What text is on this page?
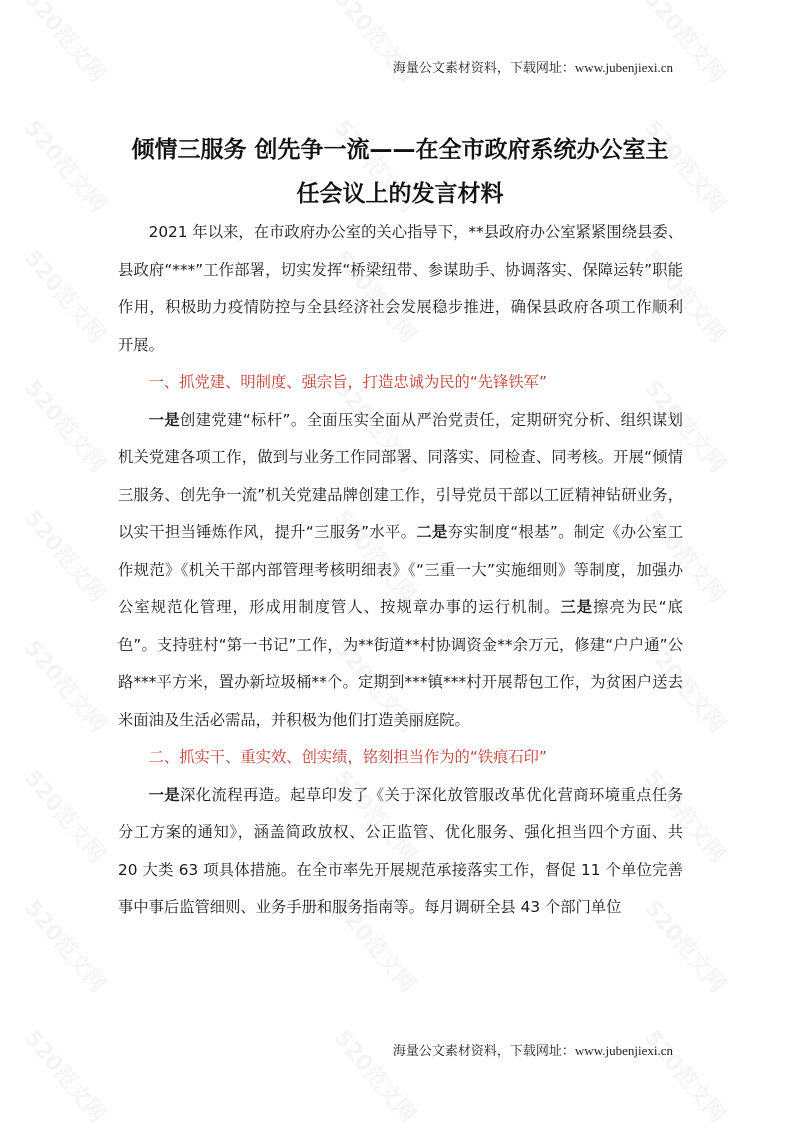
海量公文素材资料，下载网址：www.jubenjiexi.cn
倾情三服务 创先争一流——在全市政府系统办公室主
任会议上的发言材料

2021 年以来，在市政府办公室的关心指导下，**县政府办公室紧紧围绕县委、县政府“***”工作部署，切实发挥“桥梁纽带、参谋助手、协调落实、保障运转”职能作用，积极助力疫情防控与全县经济社会发展稳步推进，确保县政府各项工作顺利开展。

一、抓党建、明制度、强宗旨，打造忠诚为民的“先锋铁军”

一是创建党建“标杆”。全面压实全面从严治党责任，定期研究分析、组织谋划机关党建各项工作，做到与业务工作同部署、同落实、同检查、同考核。开展“倾情三服务、创先争一流”机关党建品牌创建工作，引导党员干部以工匠精神钻研业务，以实干担当锤炼作风，提升“三服务”水平。二是夯实制度“根基”。制定《办公室工作规范》《机关干部内部管理考核明细表》《“三重一大”实施细则》等制度，加强办公室规范化管理，形成用制度管人、按规章办事的运行机制。三是擦亮为民“底色”。支持驻村“第一书记”工作，为**街道**村协调资金**余万元，修建“户户通”公路***平方米，置办新垃圾桶**个。定期到***镇***村开展帮包工作，为贫困户送去米面油及生活必需品，并积极为他们打造美丽庭院。

二、抓实干、重实效、创实绩，铭刻担当作为的“铁痕石印”

一是深化流程再造。起草印发了《关于深化放管服改革优化营商环境重点任务分工方案的通知》，涵盖简政放权、公正监管、优化服务、强化担当四个方面、共 20 大类 63 项具体措施。在全市率先开展规范承接落实工作，督促 11 个单位完善事中事后监管细则、业务手册和服务指南等。每月调研全县 43 个部门单位

海量公文素材资料，下载网址：www.jubenjiexi.cn
